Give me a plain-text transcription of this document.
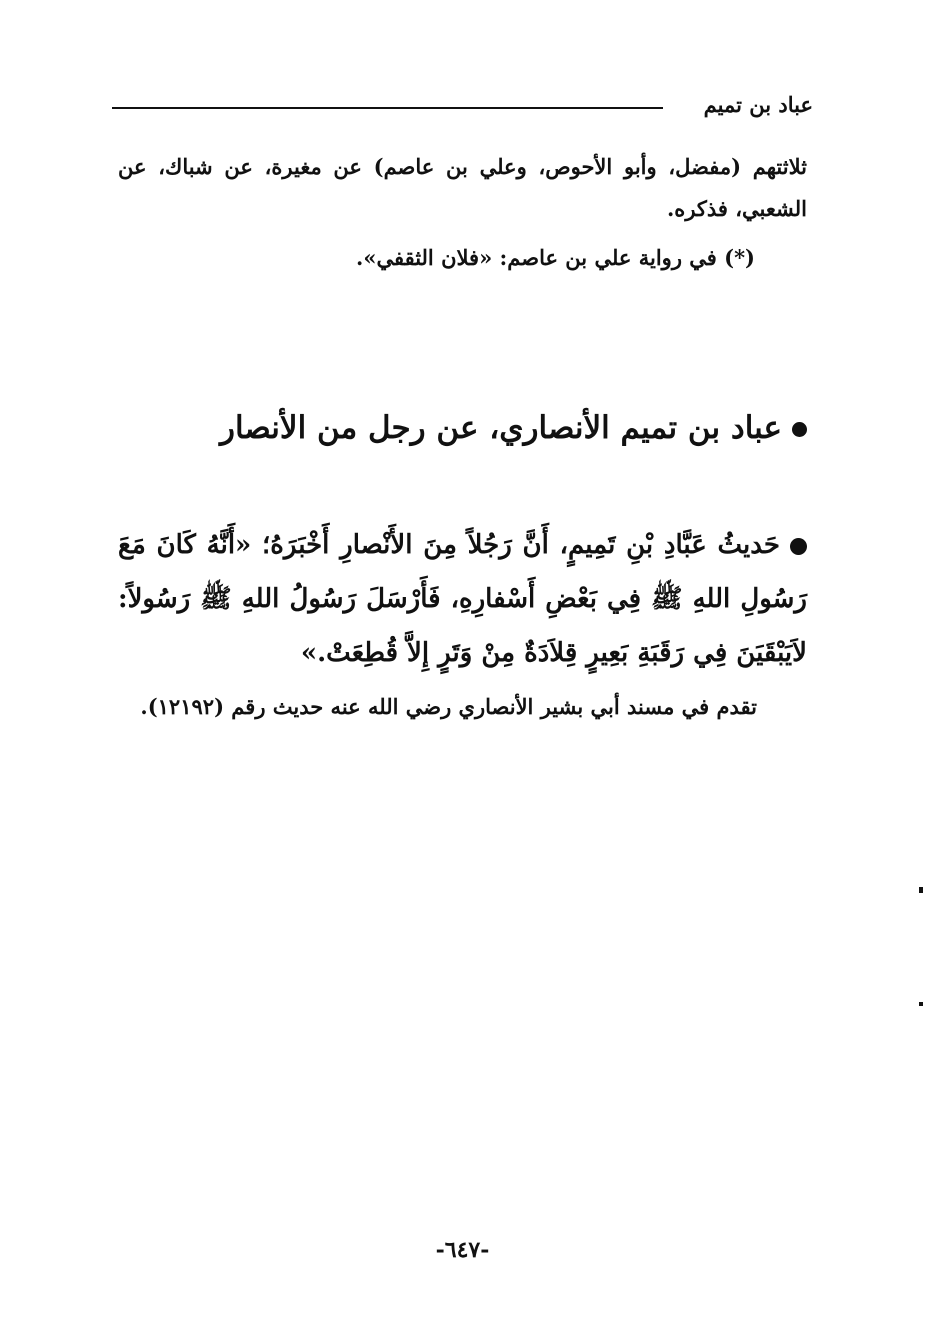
عباد بن تميم
ثلاثتهم (مفضل، وأبو الأحوص، وعلي بن عاصم) عن مغيرة، عن شباك، عن الشعبي، فذكره.
(*) في رواية علي بن عاصم: «فلان الثقفي».
عباد بن تميم الأنصاري، عن رجل من الأنصار
حَديثُ عَبَّادِ بْنِ تَمِيمٍ، أَنَّ رَجُلاً مِنَ الأَنْصارِ أَخْبَرَهُ؛ «أَنَّهُ كَانَ مَعَ رَسُولِ اللهِ ﷺ فِي بَعْضِ أَسْفارِهِ، فَأَرْسَلَ رَسُولُ اللهِ ﷺ رَسُولاً: لاَيَبْقَيَنَ فِي رَقَبَةِ بَعِيرٍ قِلاَدَةٌ مِنْ وَتَرٍ إِلاَّ قُطِعَتْ.»
تقدم في مسند أبي بشير الأنصاري رضي الله عنه حديث رقم (١٢١٩٢).
-٦٤٧-
